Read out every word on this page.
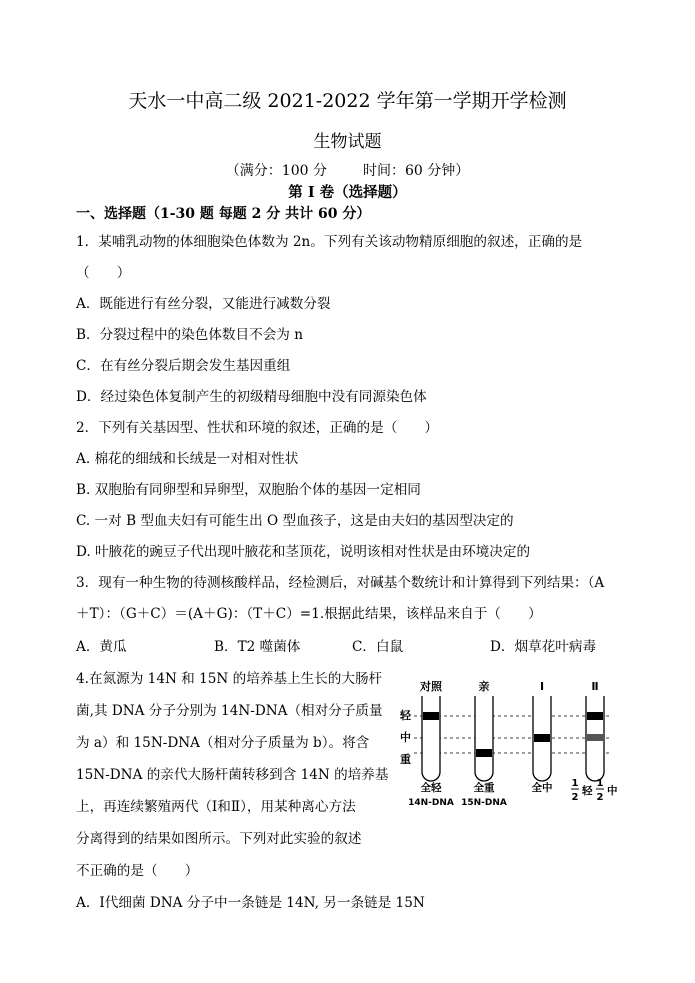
天水一中高二级 2021-2022 学年第一学期开学检测
生物试题
（满分：100 分	时间：60 分钟）
第 I 卷（选择题）
一、选择题（1-30 题 每题 2 分 共计 60 分）
1．某哺乳动物的体细胞染色体数为 2n。下列有关该动物精原细胞的叙述，正确的是
（　　）
A．既能进行有丝分裂，又能进行减数分裂
B．分裂过程中的染色体数目不会为 n
C．在有丝分裂后期会发生基因重组
D．经过染色体复制产生的初级精母细胞中没有同源染色体
2．下列有关基因型、性状和环境的叙述，正确的是（　　）
A. 棉花的细绒和长绒是一对相对性状
B. 双胞胎有同卵型和异卵型，双胞胎个体的基因一定相同
C. 一对 B 型血夫妇有可能生出 O 型血孩子，这是由夫妇的基因型决定的
D. 叶腋花的豌豆子代出现叶腋花和茎顶花，说明该相对性状是由环境决定的
3．现有一种生物的待测核酸样品，经检测后，对碱基个数统计和计算得到下列结果：（A
＋T）：（G＋C）＝(A＋G)：（T＋C）=1.根据此结果，该样品来自于（　　）
A．黄瓜	B．T2 噬菌体	C．白鼠	D．烟草花叶病毒
4.在氮源为 14N 和 15N 的培养基上生长的大肠杆
菌,其 DNA 分子分别为 14N-DNA（相对分子质量
为 a）和 15N-DNA（相对分子质量为 b）。将含
15N-DNA 的亲代大肠杆菌转移到含 14N 的培养基
上，再连续繁殖两代（Ⅰ和Ⅱ），用某种离心方法
分离得到的结果如图所示。下列对此实验的叙述
不正确的是（　　）
A．Ⅰ代细菌 DNA 分子中一条链是 14N, 另一条链是 15N
对照	亲	Ⅰ	Ⅱ
轻
中
重
全轻
14N-DNA
全重
15N-DNA
全中 1
2
轻
1
2
中
